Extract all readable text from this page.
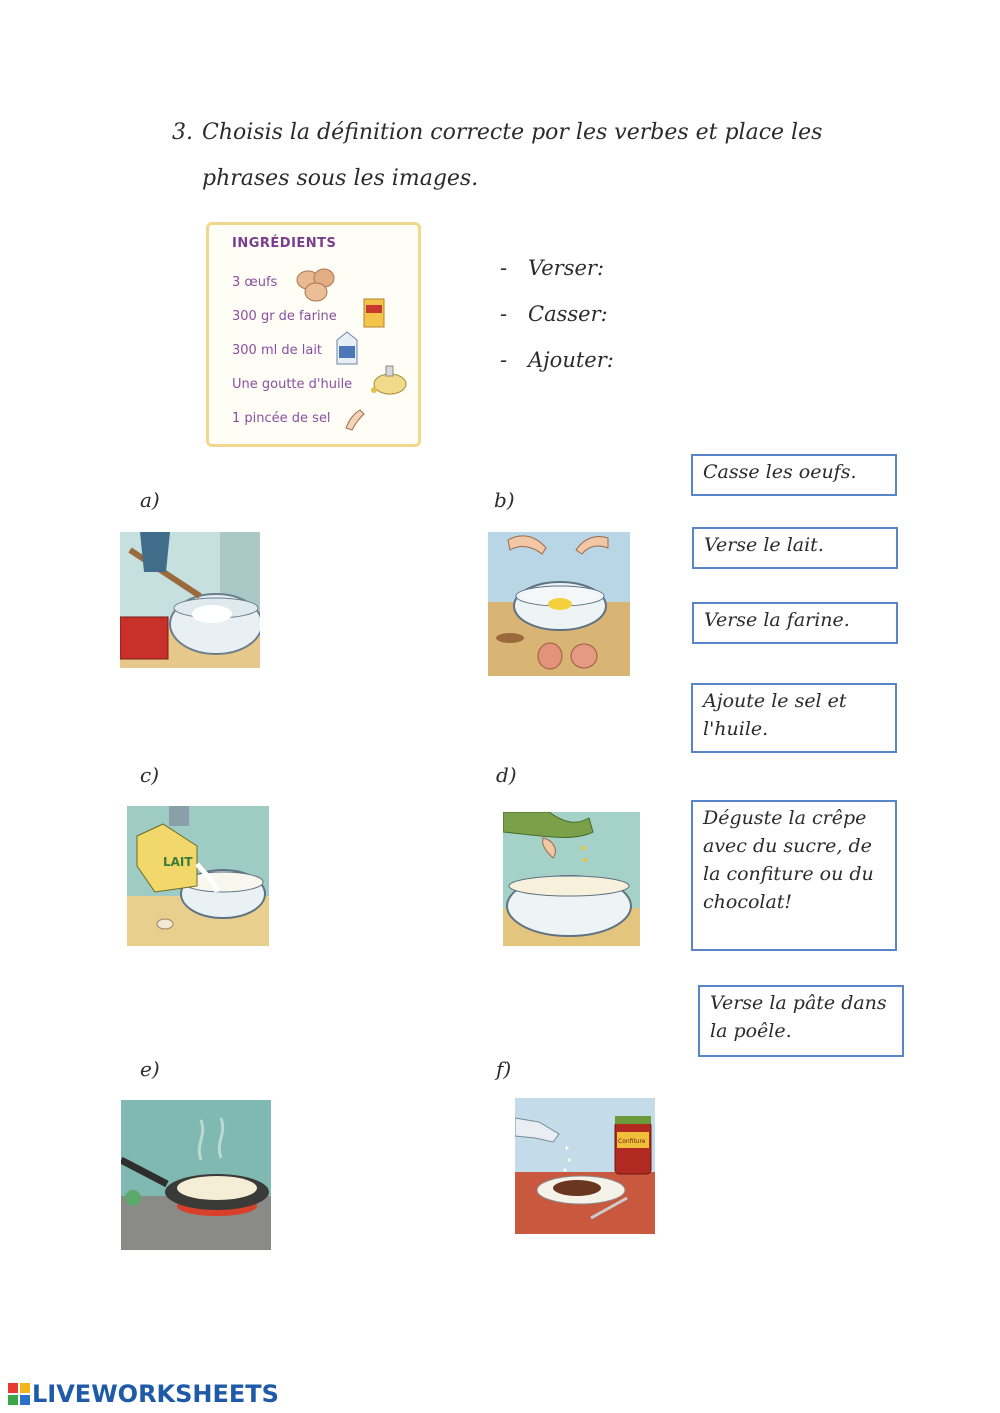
3. Choisis la définition correcte por les verbes et place les
phrases sous les images.
INGRÉDIENTS
3 œufs
300 gr de farine
300 ml de lait
Une goutte d'huile
1 pincée de sel
- Verser:
- Casser:
- Ajouter:
a)	b)
c)	d)
e)	f)
LAIT
Confiture
Casse les oeufs.
Verse le lait.
Verse la farine.
Ajoute le sel et l'huile.
Déguste la crêpe avec du sucre, de la confiture ou du chocolat!
Verse la pâte dans la poêle.
LIVEWORKSHEETS
